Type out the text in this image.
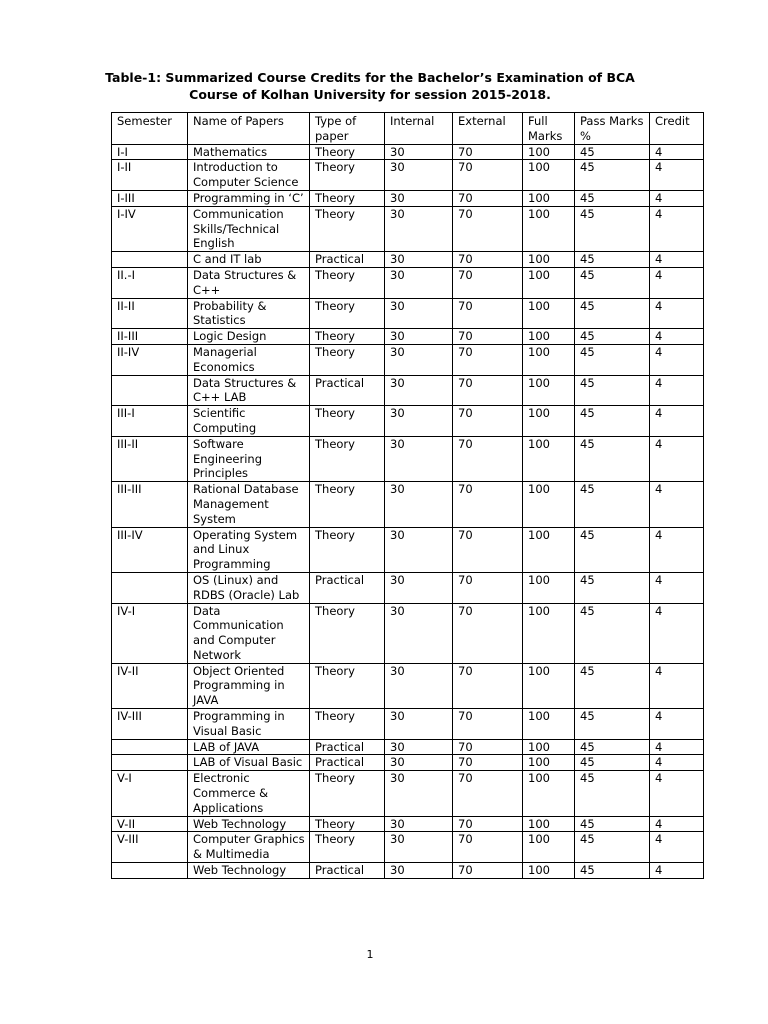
Table-1: Summarized Course Credits for the Bachelor’s Examination of BCA
Course of Kolhan University for session 2015-2018.
Semester	Name of Papers	Type of paper	Internal	External	Full Marks	Pass Marks %	Credit
I-I	Mathematics	Theory	30	70	100	45	4
I-II	Introduction to Computer Science	Theory	30	70	100	45	4
I-III	Programming in ‘C’	Theory	30	70	100	45	4
I-IV	Communication Skills/Technical English	Theory	30	70	100	45	4
	C and IT lab	Practical	30	70	100	45	4
II.-I	Data Structures & C++	Theory	30	70	100	45	4
II-II	Probability & Statistics	Theory	30	70	100	45	4
II-III	Logic Design	Theory	30	70	100	45	4
II-IV	Managerial Economics	Theory	30	70	100	45	4
	Data Structures & C++ LAB	Practical	30	70	100	45	4
III-I	Scientific Computing	Theory	30	70	100	45	4
III-II	Software Engineering Principles	Theory	30	70	100	45	4
III-III	Rational Database Management System	Theory	30	70	100	45	4
III-IV	Operating System and Linux Programming	Theory	30	70	100	45	4
	OS (Linux) and RDBS (Oracle) Lab	Practical	30	70	100	45	4
IV-I	Data Communication and Computer Network	Theory	30	70	100	45	4
IV-II	Object Oriented Programming in JAVA	Theory	30	70	100	45	4
IV-III	Programming in Visual Basic	Theory	30	70	100	45	4
	LAB of JAVA	Practical	30	70	100	45	4
	LAB of Visual Basic	Practical	30	70	100	45	4
V-I	Electronic Commerce & Applications	Theory	30	70	100	45	4
V-II	Web Technology	Theory	30	70	100	45	4
V-III	Computer Graphics & Multimedia	Theory	30	70	100	45	4
	Web Technology	Practical	30	70	100	45	4
1
